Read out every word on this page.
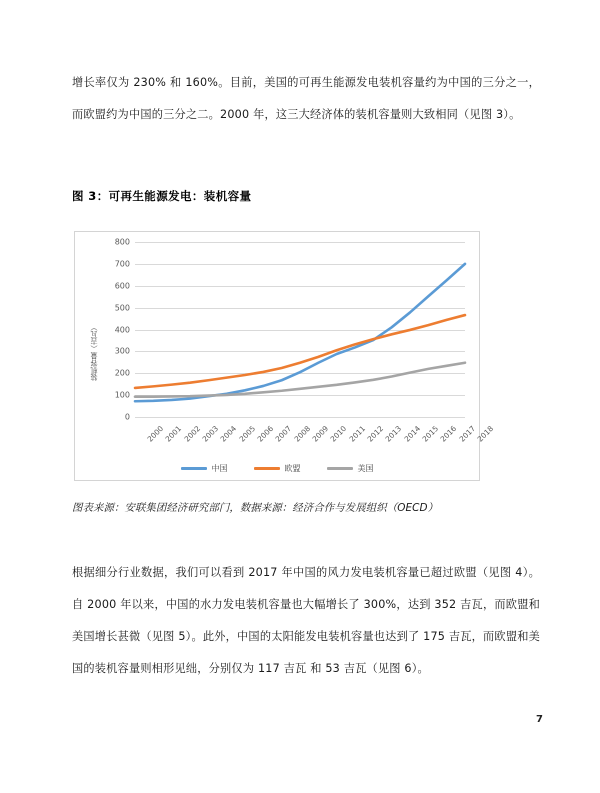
增长率仅为 230% 和 160%。目前，美国的可再生能源发电装机容量约为中国的三分之一，而欧盟约为中国的三分之二。2000 年，这三大经济体的装机容量则大致相同（见图 3）。

图 3：可再生能源发电：装机容量
装机容量（吉瓦）
0
100
200
300
400
500
600
700
800
2000
2001
2002
2003
2004
2005
2006
2007
2008
2009
2010
2011
2012
2013
2014
2015
2016
2017
2018
中国	欧盟	美国
图表来源：安联集团经济研究部门，数据来源：经济合作与发展组织（OECD）

根据细分行业数据，我们可以看到 2017 年中国的风力发电装机容量已超过欧盟（见图 4）。自 2000 年以来，中国的水力发电装机容量也大幅增长了 300%，达到 352 吉瓦，而欧盟和美国增长甚微（见图 5）。此外，中国的太阳能发电装机容量也达到了 175 吉瓦，而欧盟和美国的装机容量则相形见绌，分别仅为 117 吉瓦 和 53 吉瓦（见图 6）。

7
